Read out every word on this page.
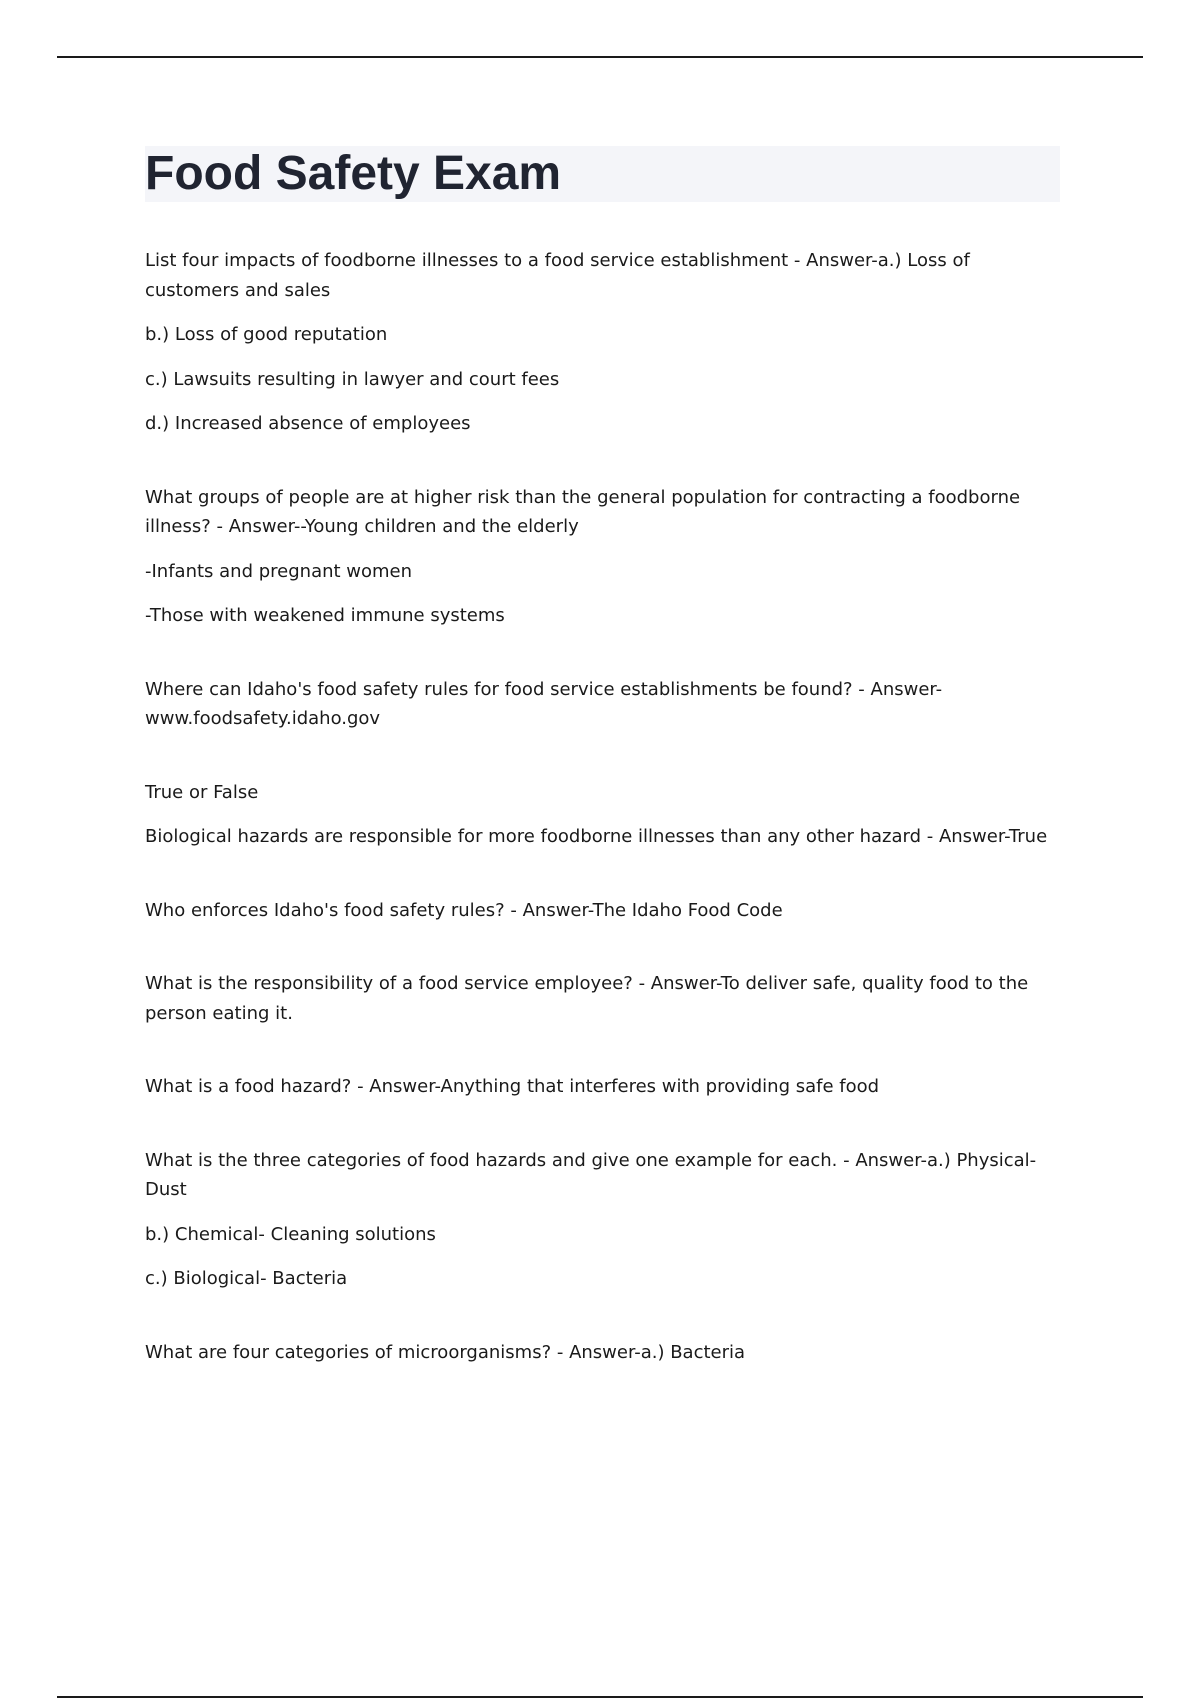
Food Safety Exam

List four impacts of foodborne illnesses to a food service establishment - Answer-a.) Loss of customers and sales

b.) Loss of good reputation

c.) Lawsuits resulting in lawyer and court fees

d.) Increased absence of employees

What groups of people are at higher risk than the general population for contracting a foodborne illness? - Answer--Young children and the elderly

-Infants and pregnant women

-Those with weakened immune systems

Where can Idaho's food safety rules for food service establishments be found? - Answer-www.foodsafety.idaho.gov

True or False

Biological hazards are responsible for more foodborne illnesses than any other hazard - Answer-True

Who enforces Idaho's food safety rules? - Answer-The Idaho Food Code

What is the responsibility of a food service employee? - Answer-To deliver safe, quality food to the person eating it.

What is a food hazard? - Answer-Anything that interferes with providing safe food

What is the three categories of food hazards and give one example for each. - Answer-a.) Physical-Dust

b.) Chemical- Cleaning solutions

c.) Biological- Bacteria

What are four categories of microorganisms? - Answer-a.) Bacteria
